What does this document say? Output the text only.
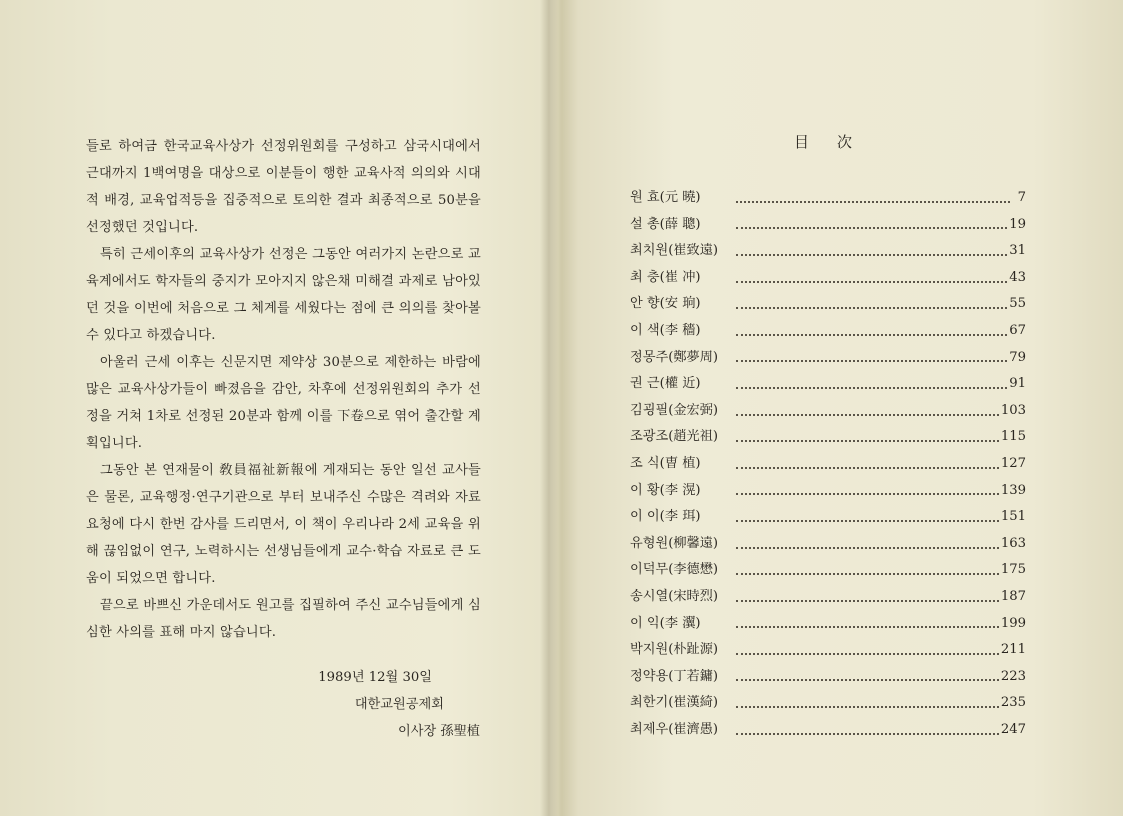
들로 하여금 한국교육사상가 선정위원회를 구성하고 삼국시대에서 근대까지 1백여명을 대상으로 이분들이 행한 교육사적 의의와 시대적 배경, 교육업적등을 집중적으로 토의한 결과 최종적으로 50분을 선정했던 것입니다.

특히 근세이후의 교육사상가 선정은 그동안 여러가지 논란으로 교육계에서도 학자들의 중지가 모아지지 않은채 미해결 과제로 남아있던 것을 이번에 처음으로 그 체계를 세웠다는 점에 큰 의의를 찾아볼 수 있다고 하겠습니다.

아울러 근세 이후는 신문지면 제약상 30분으로 제한하는 바람에 많은 교육사상가들이 빠졌음을 감안, 차후에 선정위원회의 추가 선정을 거쳐 1차로 선정된 20분과 함께 이를 下卷으로 엮어 출간할 계획입니다.

그동안 본 연재물이 敎員福祉新報에 게재되는 동안 일선 교사들은 물론, 교육행정·연구기관으로 부터 보내주신 수많은 격려와 자료요청에 다시 한번 감사를 드리면서, 이 책이 우리나라 2세 교육을 위해 끊임없이 연구, 노력하시는 선생님들에게 교수·학습 자료로 큰 도움이 되었으면 합니다.

끝으로 바쁘신 가운데서도 원고를 집필하여 주신 교수님들에게 심심한 사의를 표해 마지 않습니다.

1989년 12월 30일
대한교원공제회
이사장 孫聖植
目次
원 효(元 曉)	7
설 총(薛 聰)	19
최치원(崔致遠)	31
최 충(崔 冲)	43
안 향(安 珦)	55
이 색(李 穡)	67
정몽주(鄭夢周)	79
권 근(權 近)	91
김굉필(金宏弼)	103
조광조(趙光祖)	115
조 식(曺 植)	127
이 황(李 滉)	139
이 이(李 珥)	151
유형원(柳馨遠)	163
이덕무(李德懋)	175
송시열(宋時烈)	187
이 익(李 瀷)	199
박지원(朴趾源)	211
정약용(丁若鏞)	223
최한기(崔漢綺)	235
최제우(崔濟愚)	247
